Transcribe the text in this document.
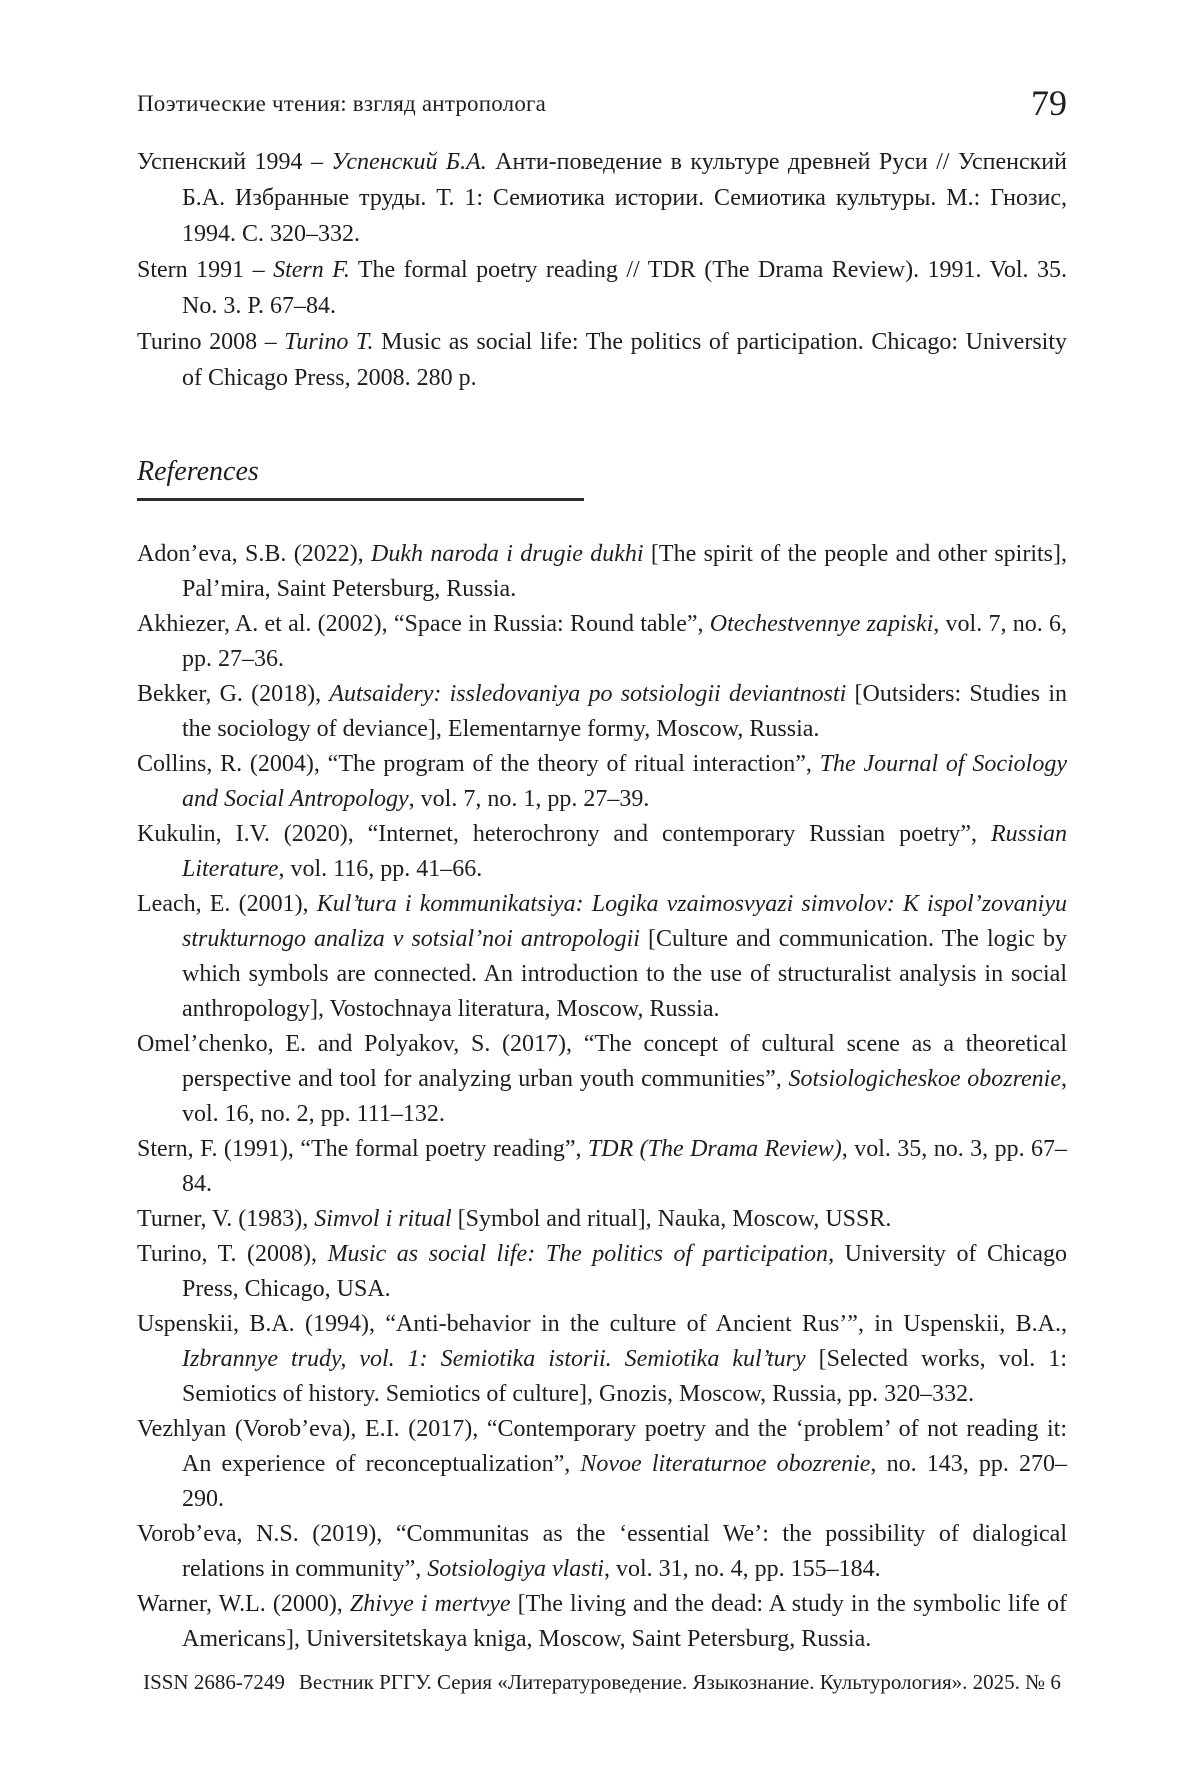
Поэтические чтения: взгляд антрополога	79

Успенский 1994 – Успенский Б.А. Анти-поведение в культуре древней Руси // Успенский Б.А. Избранные труды. Т. 1: Семиотика истории. Семиотика культуры. М.: Гнозис, 1994. С. 320–332.

Stern 1991 – Stern F. The formal poetry reading // TDR (The Drama Review). 1991. Vol. 35. No. 3. P. 67–84.

Turino 2008 – Turino T. Music as social life: The politics of participation. Chicago: University of Chicago Press, 2008. 280 p.

References

Adon’eva, S.B. (2022), Dukh naroda i drugie dukhi [The spirit of the people and other spirits], Pal’mira, Saint Petersburg, Russia.

Akhiezer, A. et al. (2002), “Space in Russia: Round table”, Otechestvennye zapiski, vol. 7, no. 6, pp. 27–36.

Bekker, G. (2018), Autsaidery: issledovaniya po sotsiologii deviantnosti [Outsiders: Studies in the sociology of deviance], Elementarnye formy, Moscow, Russia.

Collins, R. (2004), “The program of the theory of ritual interaction”, The Journal of Sociology and Social Antropology, vol. 7, no. 1, pp. 27–39.

Kukulin, I.V. (2020), “Internet, heterochrony and contemporary Russian poetry”, Russian Literature, vol. 116, pp. 41–66.

Leach, E. (2001), Kul’tura i kommunikatsiya: Logika vzaimosvyazi simvolov: K ispol’zovaniyu strukturnogo analiza v sotsial’noi antropologii [Culture and communication. The logic by which symbols are connected. An introduction to the use of structuralist analysis in social anthropology], Vostochnaya literatura, Moscow, Russia.

Omel’chenko, E. and Polyakov, S. (2017), “The concept of cultural scene as a theoretical perspective and tool for analyzing urban youth communities”, Sotsiologicheskoe obozrenie, vol. 16, no. 2, pp. 111–132.

Stern, F. (1991), “The formal poetry reading”, TDR (The Drama Review), vol. 35, no. 3, pp. 67–84.

Turner, V. (1983), Simvol i ritual [Symbol and ritual], Nauka, Moscow, USSR.

Turino, T. (2008), Music as social life: The politics of participation, University of Chicago Press, Chicago, USA.

Uspenskii, B.A. (1994), “Anti-behavior in the culture of Ancient Rus’”, in Uspenskii, B.A., Izbrannye trudy, vol. 1: Semiotika istorii. Semiotika kul’tury [Selected works, vol. 1: Semiotics of history. Semiotics of culture], Gnozis, Moscow, Russia, pp. 320–332.

Vezhlyan (Vorob’eva), E.I. (2017), “Contemporary poetry and the ‘problem’ of not reading it: An experience of reconceptualization”, Novoe literaturnoe obozrenie, no. 143, pp. 270–290.

Vorob’eva, N.S. (2019), “Communitas as the ‘essential We’: the possibility of dialogical relations in community”, Sotsiologiya vlasti, vol. 31, no. 4, pp. 155–184.

Warner, W.L. (2000), Zhivye i mertvye [The living and the dead: A study in the symbolic life of Americans], Universitetskaya kniga, Moscow, Saint Petersburg, Russia.

ISSN 2686-7249 Вестник РГГУ. Серия «Литературоведение. Языкознание. Культурология». 2025. № 6
